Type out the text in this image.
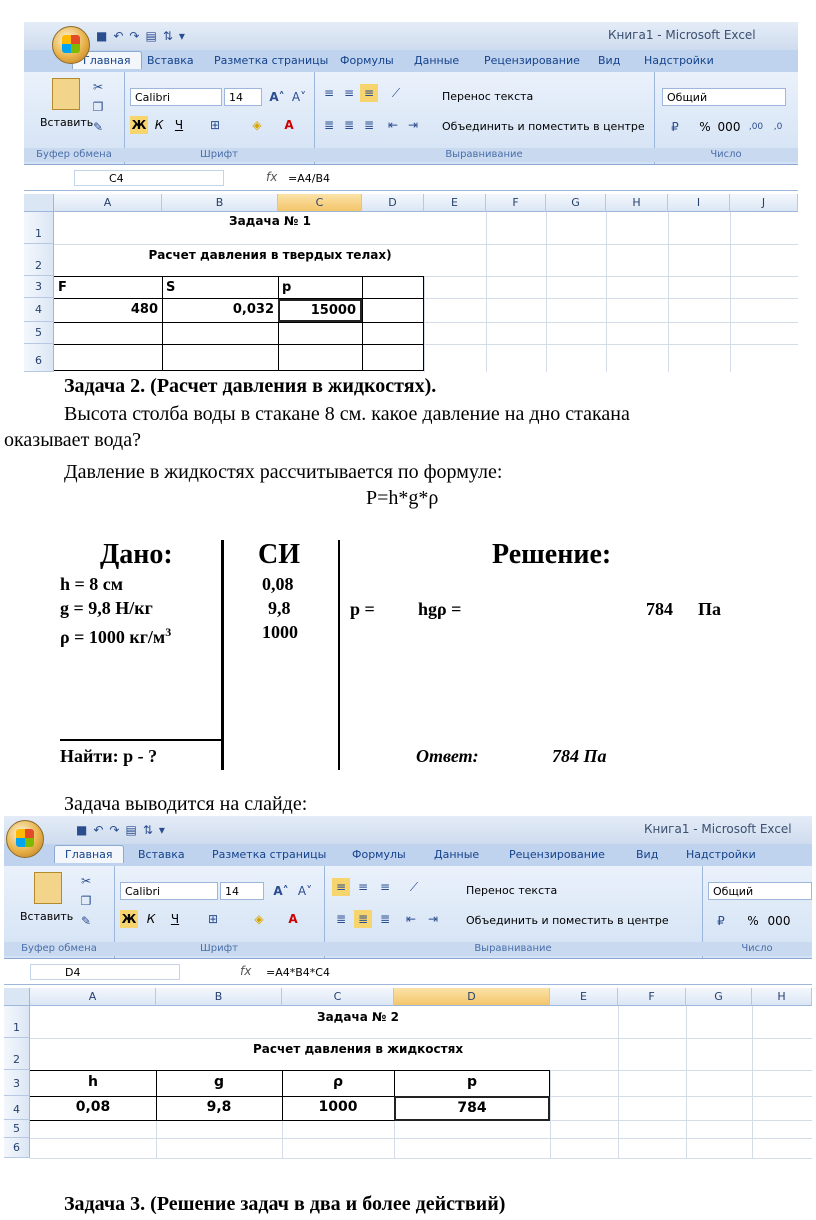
■ ↶ ↷ ▤ ⇅ ▾	Книга1 - Microsoft Excel
Главная	Вставка Разметка страницы Формулы Данные Рецензирование Вид Надстройки
Вставить
✂
❐
✎
Буфер обмена
Calibri	14	A˄ A˅
Ж К Ч	⊞	◈	A
Шрифт
≡ ≡ ≡	⟋
≣ ≣ ≣	⇤ ⇥
Перенос текста
Объединить и поместить в центре
Выравнивание
Общий
₽	% 000 ,00	,0
Число
C4	fx =A4/B4
A	B	C	D	E	F	G	H	I	J
1
2
3
4
5
6
Задача № 1
Расчет давления в твердых телах)
F	S	p
480	0,032	15000
Задача 2. (Расчет давления в жидкостях).
Высота столба воды в стакане 8 см. какое давление на дно стакана
оказывает вода?
Давление в жидкостях рассчитывается по формуле:
P=h*g*ρ
Дано:	СИ	Решение:
h = 8 см
g = 9,8 Н/кг
ρ = 1000 $кг/м^3$
0,08
9,8
1000
p = hgρ =	784 Па
Найти: p - ?	Ответ:	784 Па
Задача выводится на слайде:
■ ↶ ↷ ▤ ⇅ ▾	Книга1 - Microsoft Excel
Главная	Вставка Разметка страницы Формулы	Данные	Рецензирование	Вид	Надстройки
Вставить
✂
❐
✎
Буфер обмена
Calibri	14	A˄ A˅
Ж К	Ч	⊞	◈	A
Шрифт
≡ ≡ ≡	⟋
≣ ≣ ≣	⇤ ⇥
Перенос текста
Объединить и поместить в центре
Выравнивание
Общий
₽	% 000
Число
D4	fx =A4*B4*C4
A	B	C	D	E	F	G	H
1
2
3
4
5
6
Задача № 2
Расчет давления в жидкостях
h	g	ρ	p
0,08	9,8	1000	784
Задача 3. (Решение задач в два и более действий)
